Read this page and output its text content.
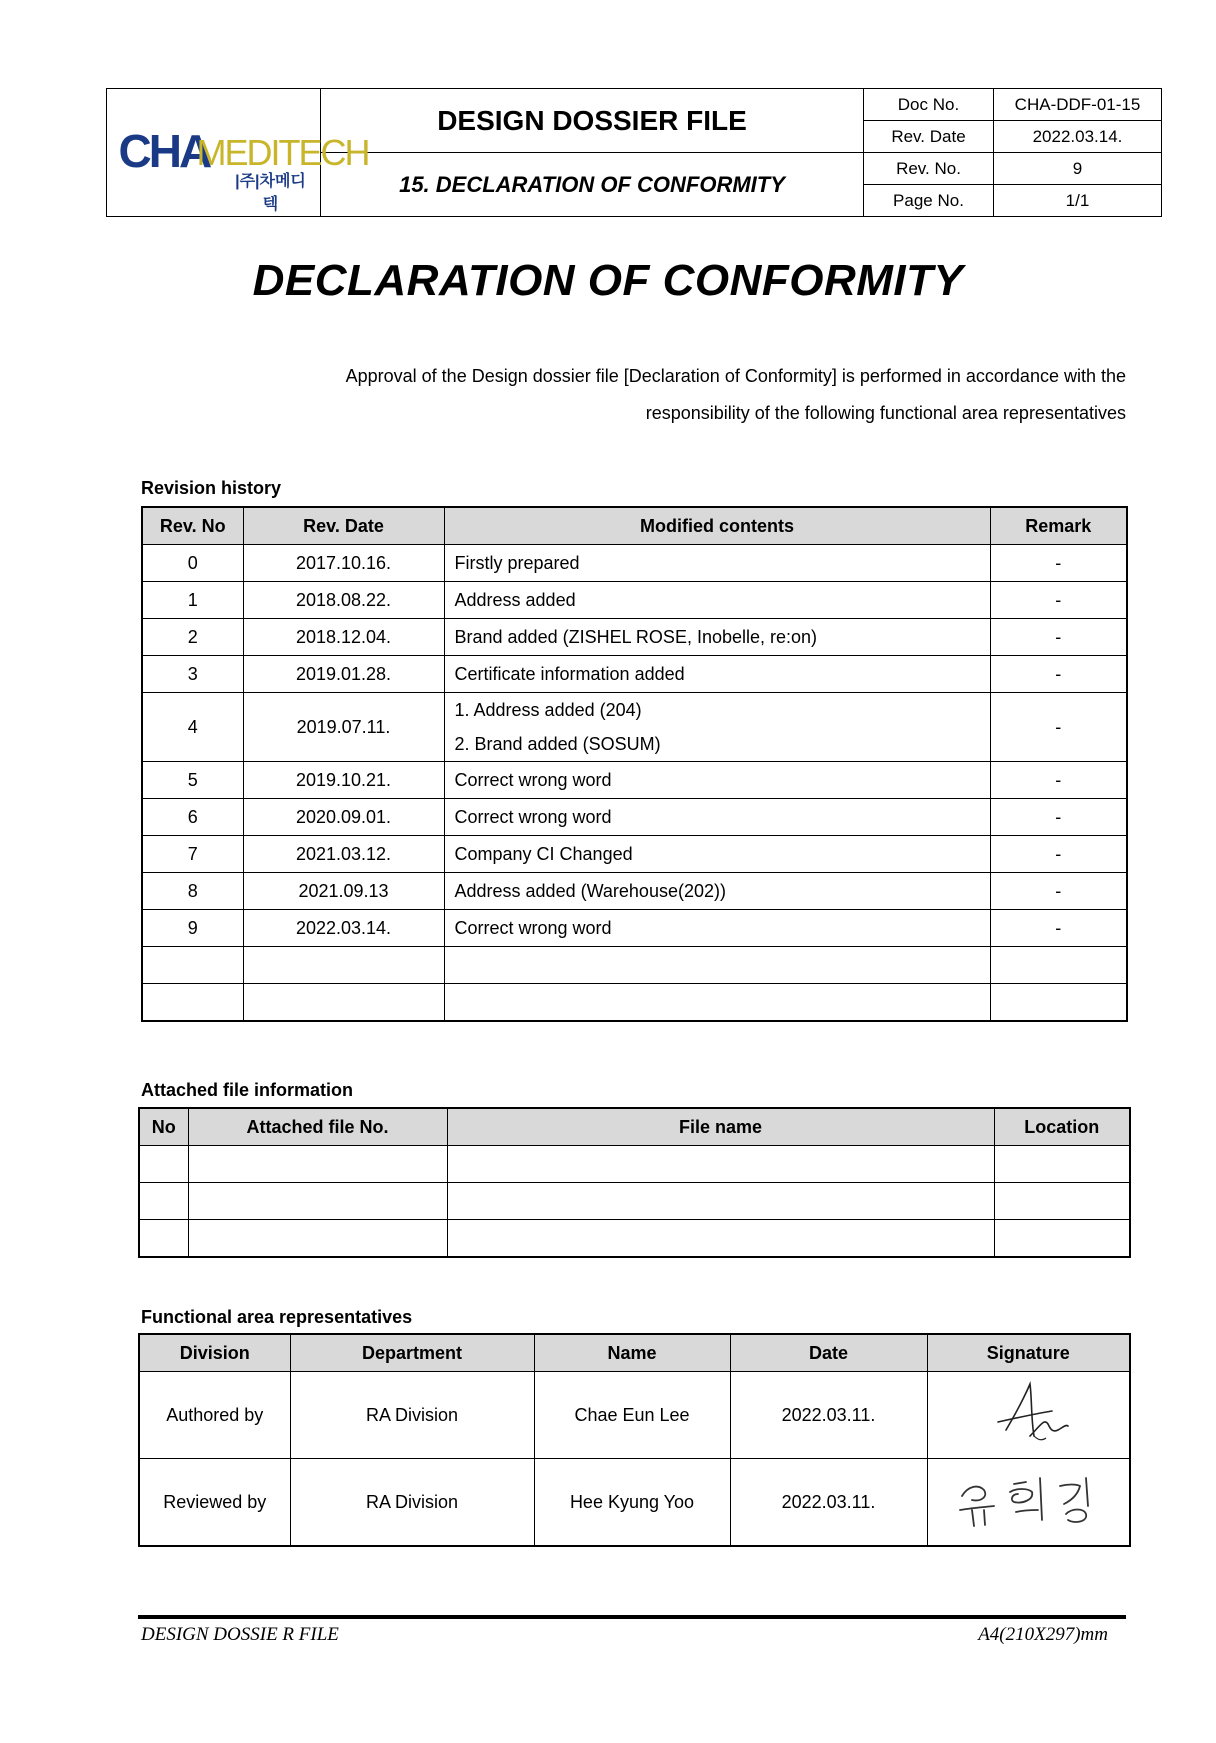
CHA
MEDITECH
|주|차메디텍	DESIGN DOSSIER FILE	Doc No.	CHA-DDF-01-15
		Rev. Date	2022.03.14.
	15. DECLARATION OF CONFORMITY	Rev. No.	9
		Page No.	1/1
DECLARATION OF CONFORMITY
Approval of the Design dossier file [Declaration of Conformity] is performed in accordance with the
responsibility of the following functional area representatives
Revision history
Rev. No	Rev. Date	Modified contents	Remark
0	2017.10.16.	Firstly prepared	-
1	2018.08.22.	Address added	-
2	2018.12.04.	Brand added (ZISHEL ROSE, Inobelle, re:on)	-
3	2019.01.28.	Certificate information added	-
4	2019.07.11.	1. Address added (204)
2. Brand added (SOSUM)	-
5	2019.10.21.	Correct wrong word	-
6	2020.09.01.	Correct wrong word	-
7	2021.03.12.	Company CI Changed	-
8	2021.09.13	Address added (Warehouse(202))	-
9	2022.03.14.	Correct wrong word	-

Attached file information
No	Attached file No.	File name	Location

Functional area representatives
Division	Department	Name	Date	Signature
Authored by	RA Division	Chae Eun Lee	2022.03.11.	
Reviewed by	RA Division	Hee Kyung Yoo	2022.03.11.	
DESIGN DOSSIE R FILE	A4(210X297)mm
